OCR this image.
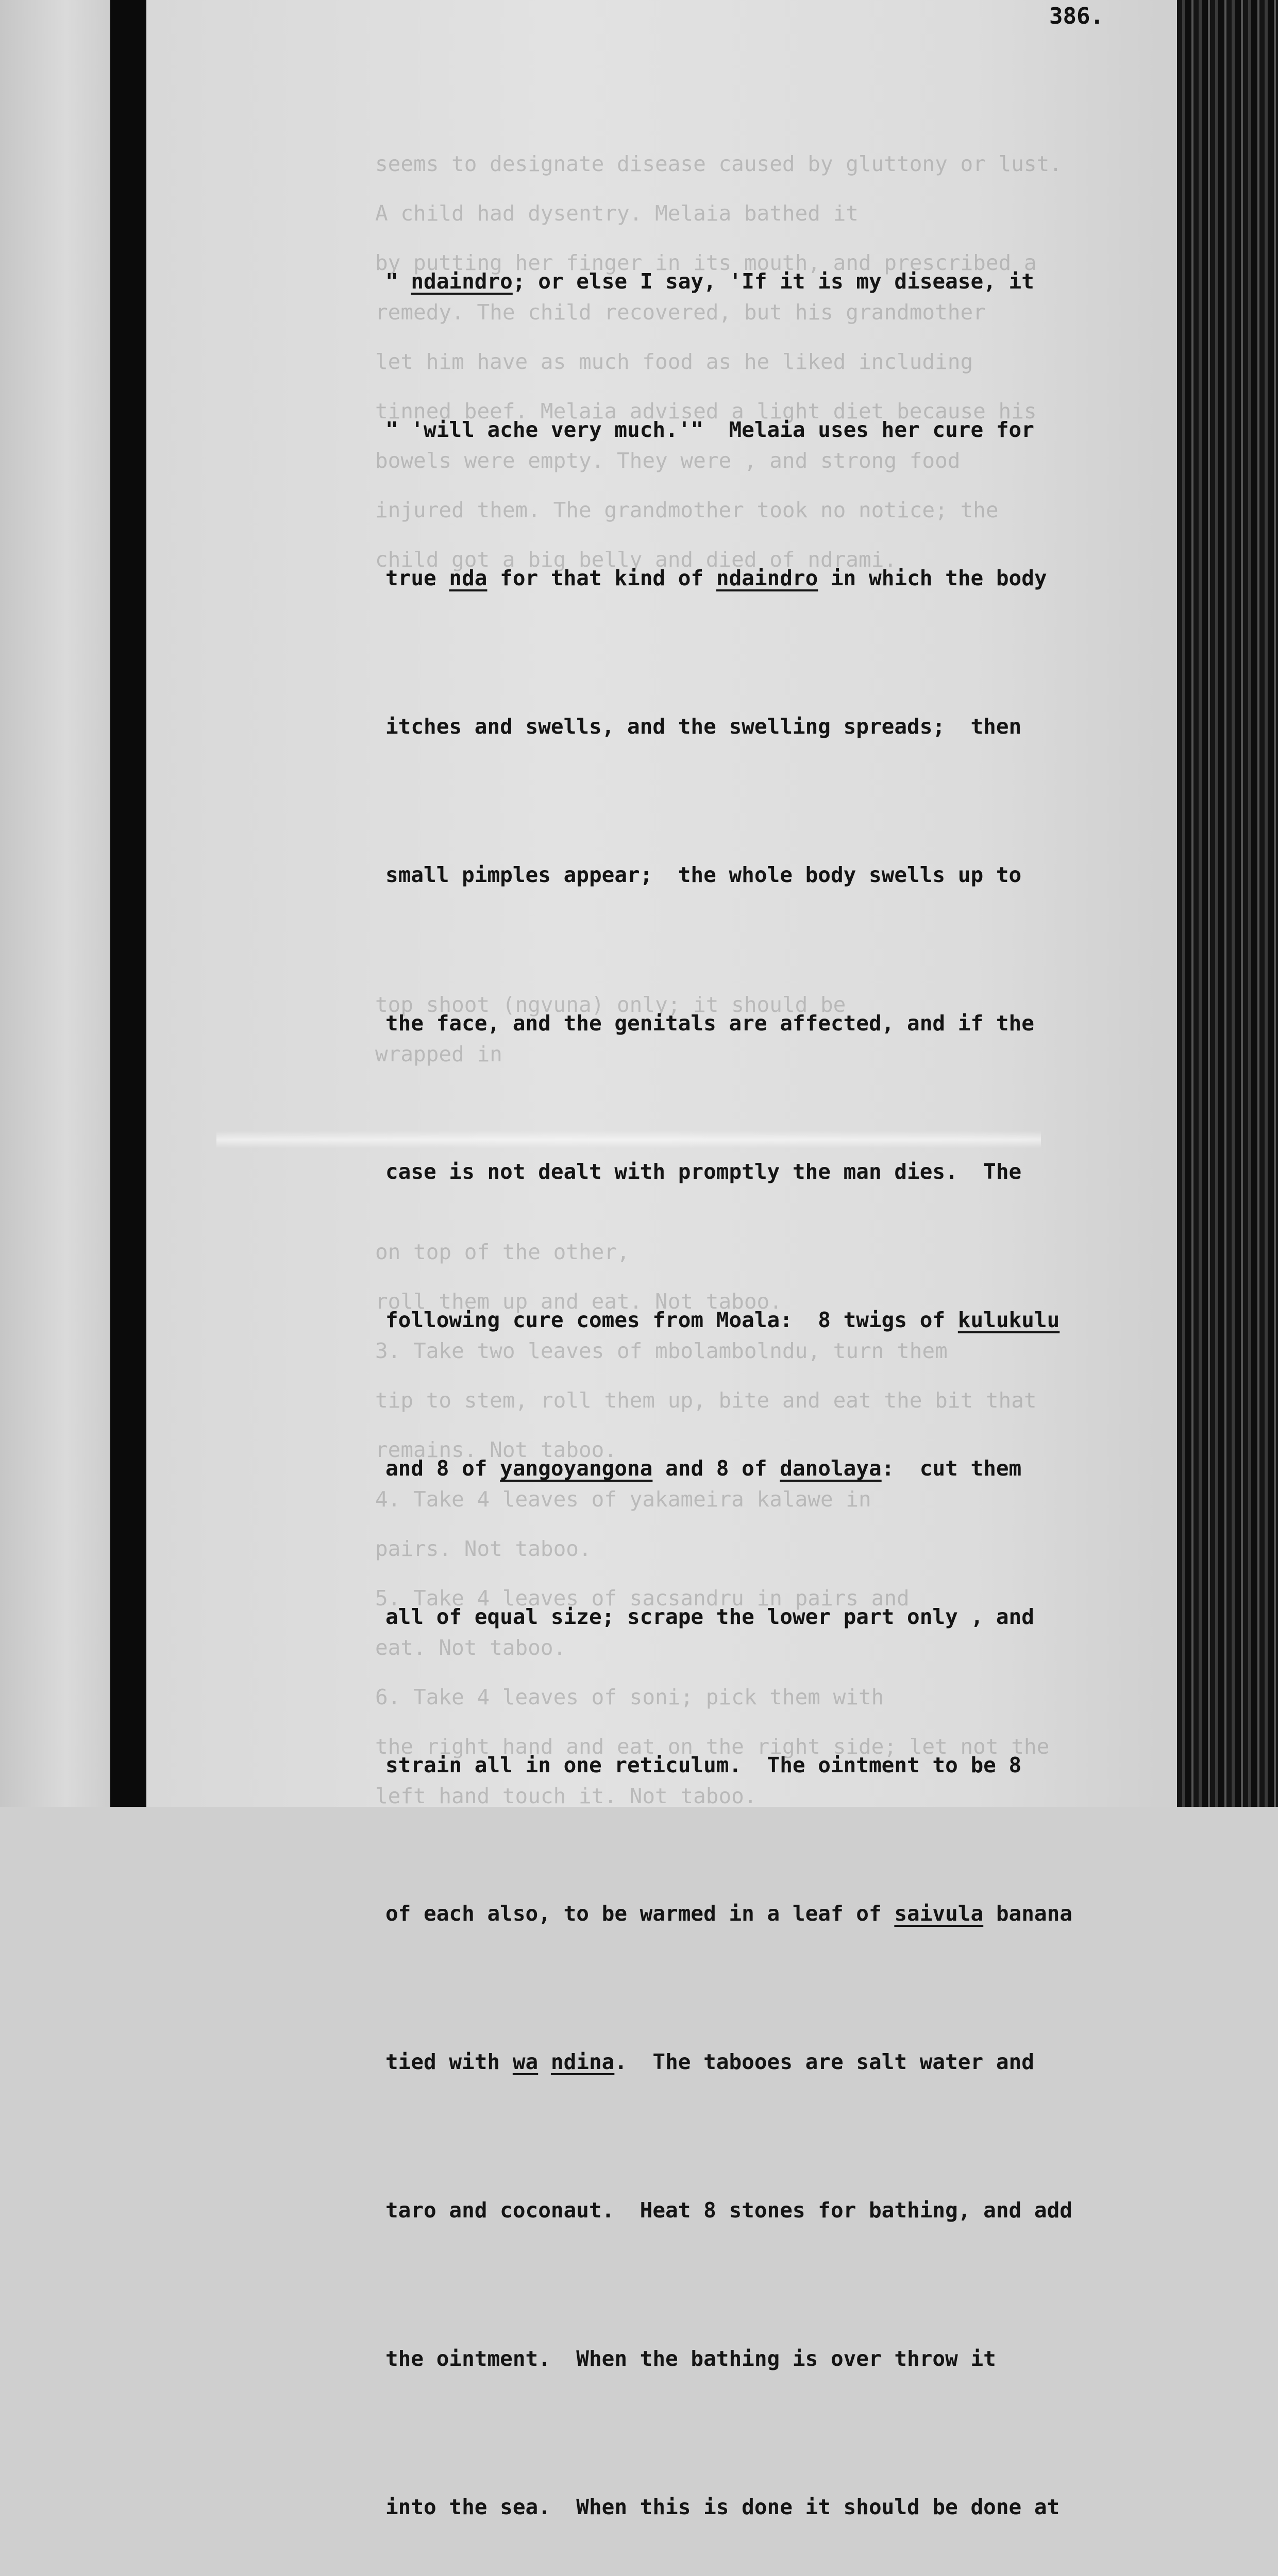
386.
seems to designate disease caused by gluttony or lust.
A child had dysentry. Melaia bathed it
by putting her finger in its mouth, and prescribed a
remedy. The child recovered, but his grandmother
let him have as much food as he liked including
tinned beef. Melaia advised a light diet because his
bowels were empty. They were , and strong food
injured them. The grandmother took no notice; the
child got a big belly and died of ndrami.
top shoot (ngvuna) only; it should be
wrapped in
on top of the other,
roll them up and eat. Not taboo.
3. Take two leaves of mbolambolndu, turn them
tip to stem, roll them up, bite and eat the bit that
remains. Not taboo.
4. Take 4 leaves of yakameira kalawe in
pairs. Not taboo.
5. Take 4 leaves of sacsandru in pairs and
eat. Not taboo.
6. Take 4 leaves of soni; pick them with
the right hand and eat on the right side; let not the
left hand touch it. Not taboo.

" ndaindro; or else I say, 'If it is my disease, it

" 'will ache very much.'"  Melaia uses her cure for

true nda for that kind of ndaindro in which the body

itches and swells, and the swelling spreads;  then

small pimples appear;  the whole body swells up to

the face, and the genitals are affected, and if the

case is not dealt with promptly the man dies.  The

following cure comes from Moala:  8 twigs of kulukulu

and 8 of yangoyangona and 8 of danolaya:  cut them

all of equal size; scrape the lower part only , and

strain all in one reticulum.  The ointment to be 8

of each also, to be warmed in a leaf of saivula banana

tied with wa ndina.  The tabooes are salt water and

taro and coconaut.  Heat 8 stones for bathing, and add

the ointment.  When the bathing is over throw it

into the sea.  When this is done it should be done at
